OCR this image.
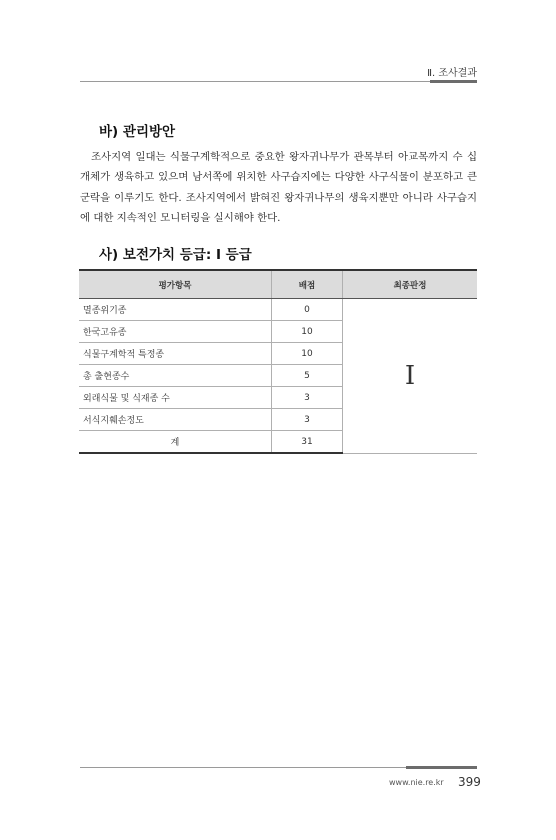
Ⅱ. 조사결과
바) 관리방안

조사지역 일대는 식물구계학적으로 중요한 왕자귀나무가 관목부터 아교목까지 수 십 개체가 생육하고 있으며 남서쪽에 위치한 사구습지에는 다양한 사구식물이 분포하고 큰 군락을 이루기도 한다. 조사지역에서 밝혀진 왕자귀나무의 생육지뿐만 아니라 사구습지에 대한 지속적인 모니터링을 실시해야 한다.

사) 보전가치 등급: Ⅰ 등급
평가항목	배점	최종판정
멸종위기종	0	Ⅰ
한국고유종	10	
식물구계학적 특정종	10	
총 출현종수	5	
외래식물 및 식재종 수	3	
서식지훼손정도	3	
계	31	
www.nie.re.kr 399
